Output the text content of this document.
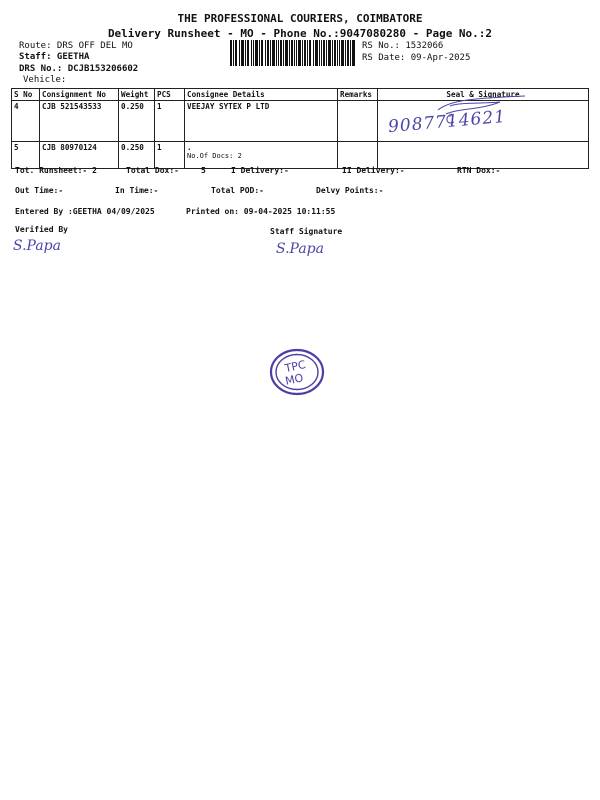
THE PROFESSIONAL COURIERS, COIMBATORE
Delivery Runsheet - MO - Phone No.:9047080280 - Page No.:2
Route: DRS OFF DEL MO
Staff: GEETHA
DRS No.: DCJB153206602
Vehicle:
RS No.: 1532066
RS Date: 09-Apr-2025
S No	Consignment No	Weight	PCS	Consignee Details	Remarks	Seal & Signature
4	CJB 521543533	0.250	1	VEEJAY SYTEX P LTD		

5	CJB 80970124	0.250	1	.
No.Of Docs: 2		

9087714621
Tot. Runsheet:- 2	Total Dox:-	5	I Delivery:-	II Delivery:-	RTN Dox:-
Out Time:-	In Time:-	Total POD:-	Delvy Points:-
Entered By :GEETHA 04/09/2025	Printed on: 09-04-2025 10:11:55
Verified By	Staff Signature
S.Papa	S.Papa
TPC
MO
